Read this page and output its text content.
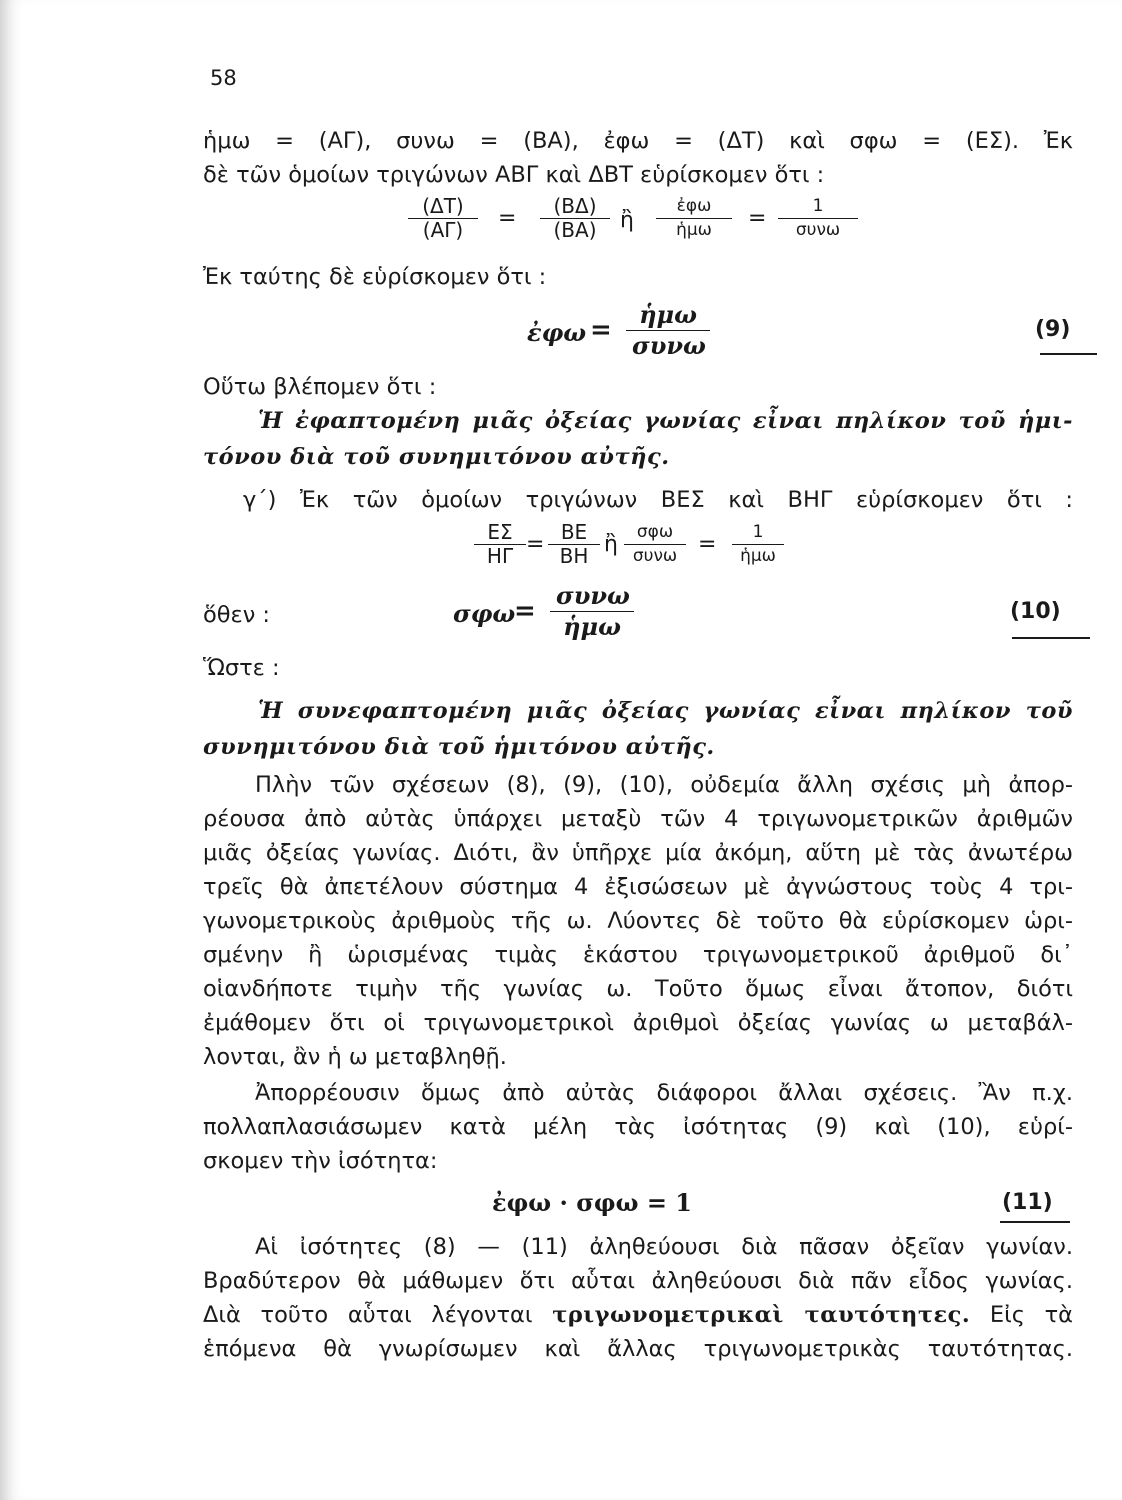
58
ἡμω = (ΑΓ), συνω = (ΒΑ), ἐφω = (ΔΤ) καὶ σφω = (ΕΣ). Ἐκ
δὲ τῶν ὁμοίων τριγώνων ΑΒΓ καὶ ΔΒΤ εὑρίσκομεν ὅτι :
$\frac{(\Delta T)}{(A\Gamma)} = \frac{(B\Delta)}{(BA)}$ ἢ
ἐφω
ἡμω	=	1
συνω
Ἐκ ταύτης δὲ εὑρίσκομεν ὅτι :
ἐφω =
ἡμω
συνω
(9)
Οὕτω βλέπομεν ὅτι :
Ἡ ἐφαπτομένη μιᾶς ὀξείας γωνίας εἶναι πηλίκον τοῦ ἡμι-
τόνου διὰ τοῦ συνημιτόνου αὐτῆς.
γ΄) Ἐκ τῶν ὁμοίων τριγώνων ΒΕΣ καὶ ΒΗΓ εὑρίσκομεν ὅτι :
$\frac{E\Sigma}{H\Gamma} = \frac{BE}{BH}$ ἢ	σφω
συνω =	1
ἡμω
ὅθεν :	σφω
=
συνω
ἡμω
(10)
Ὥστε :
Ἡ συνεφαπτομένη μιᾶς ὀξείας γωνίας εἶναι πηλίκον τοῦ
συνημιτόνου διὰ τοῦ ἡμιτόνου αὐτῆς.
Πλὴν τῶν σχέσεων (8), (9), (10), οὐδεμία ἄλλη σχέσις μὴ ἀπορ-
ρέουσα ἀπὸ αὐτὰς ὑπάρχει μεταξὺ τῶν 4 τριγωνομετρικῶν ἀριθμῶν
μιᾶς ὀξείας γωνίας. Διότι, ἂν ὑπῆρχε μία ἀκόμη, αὕτη μὲ τὰς ἀνωτέρω
τρεῖς θὰ ἀπετέλουν σύστημα 4 ἐξισώσεων μὲ ἀγνώστους τοὺς 4 τρι-
γωνομετρικοὺς ἀριθμοὺς τῆς ω. Λύοντες δὲ τοῦτο θὰ εὑρίσκομεν ὡρι-
σμένην ἢ ὡρισμένας τιμὰς ἑκάστου τριγωνομετρικοῦ ἀριθμοῦ δι᾽
οἱανδήποτε τιμὴν τῆς γωνίας ω. Τοῦτο ὅμως εἶναι ἄτοπον, διότι
ἐμάθομεν ὅτι οἱ τριγωνομετρικοὶ ἀριθμοὶ ὀξείας γωνίας ω μεταβάλ-
λονται, ἂν ἡ ω μεταβληθῇ.
Ἀπορρέουσιν ὅμως ἀπὸ αὐτὰς διάφοροι ἄλλαι σχέσεις. Ἂν π.χ.
πολλαπλασιάσωμεν κατὰ μέλη τὰς ἰσότητας (9) καὶ (10), εὑρί-
σκομεν τὴν ἰσότητα:
ἐφω · σφω = 1	(11)
Αἱ ἰσότητες (8) — (11) ἀληθεύουσι διὰ πᾶσαν ὀξεῖαν γωνίαν.
Βραδύτερον θὰ μάθωμεν ὅτι αὗται ἀληθεύουσι διὰ πᾶν εἶδος γωνίας.
Διὰ τοῦτο αὗται λέγονται τριγωνομετρικαὶ ταυτότητες. Εἰς τὰ
ἑπόμενα θὰ γνωρίσωμεν καὶ ἄλλας τριγωνομετρικὰς ταυτότητας.
